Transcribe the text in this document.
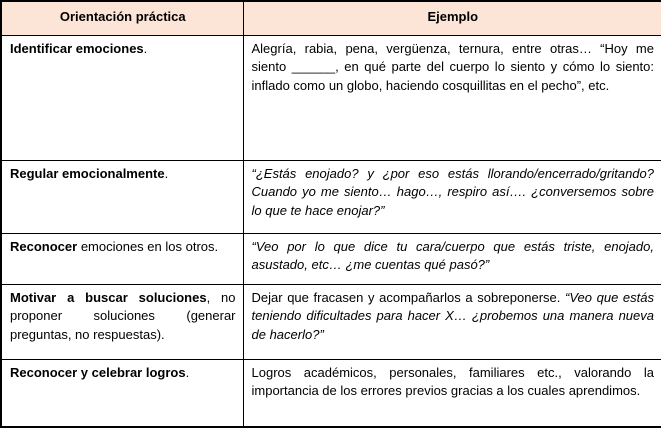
Orientación práctica	Ejemplo
Identificar emociones.	Alegría, rabia, pena, vergüenza, ternura, entre otras… “Hoy me siento ______, en qué parte del cuerpo lo siento y cómo lo siento: inflado como un globo, haciendo cosquillitas en el pecho”, etc.
Regular emocionalmente.	“¿Estás enojado? y ¿por eso estás llorando/encerrado/gritando? Cuando yo me siento… hago…, respiro así…. ¿conversemos sobre lo que te hace enojar?”
Reconocer emociones en los otros.	“Veo por lo que dice tu cara/cuerpo que estás triste, enojado, asustado, etc… ¿me cuentas qué pasó?”
Motivar a buscar soluciones, no proponer soluciones (generar preguntas, no respuestas).	Dejar que fracasen y acompañarlos a sobreponerse. “Veo que estás teniendo dificultades para hacer X… ¿probemos una manera nueva de hacerlo?”
Reconocer y celebrar logros.	Logros académicos, personales, familiares etc., valorando la importancia de los errores previos gracias a los cuales aprendimos.
